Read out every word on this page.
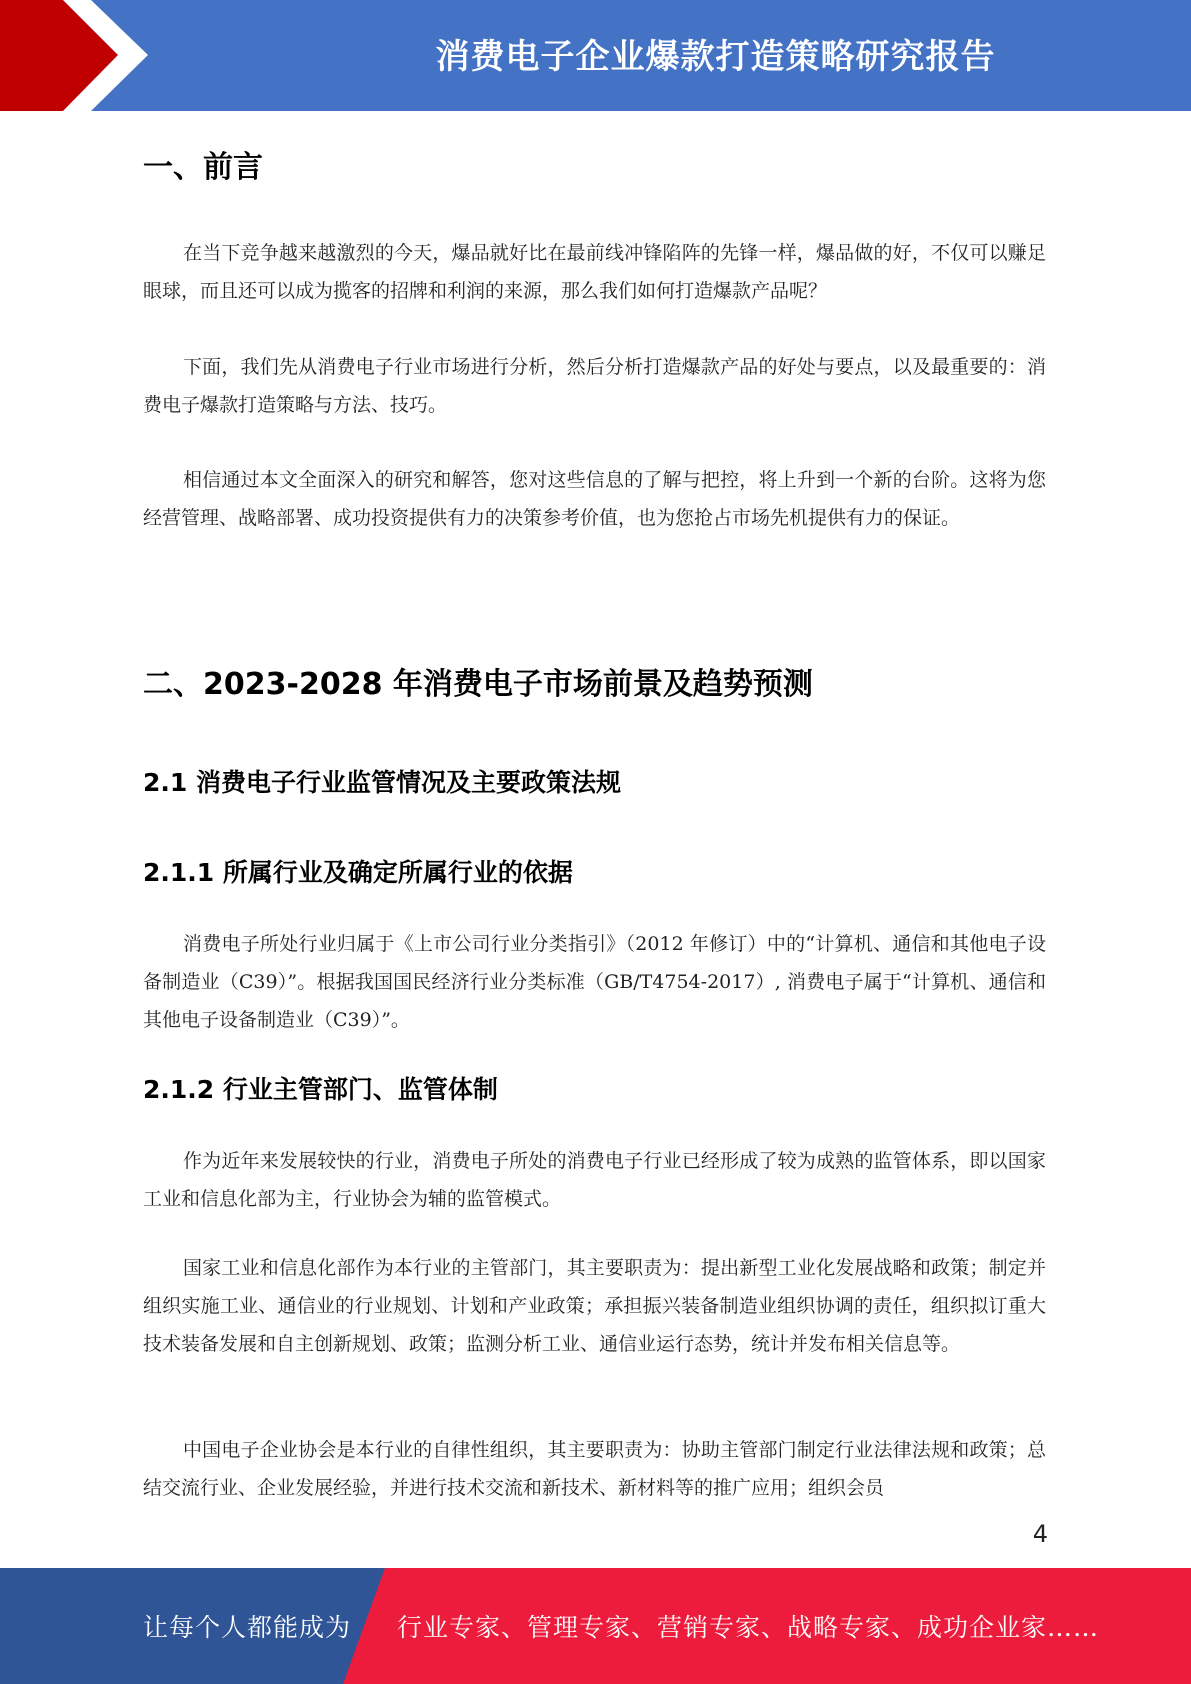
消费电子企业爆款打造策略研究报告
一、前言

在当下竞争越来越激烈的今天，爆品就好比在最前线冲锋陷阵的先锋一样，爆品做的好，不仅可以赚足眼球，而且还可以成为揽客的招牌和利润的来源，那么我们如何打造爆款产品呢？

下面，我们先从消费电子行业市场进行分析，然后分析打造爆款产品的好处与要点，以及最重要的：消费电子爆款打造策略与方法、技巧。

相信通过本文全面深入的研究和解答，您对这些信息的了解与把控，将上升到一个新的台阶。这将为您经营管理、战略部署、成功投资提供有力的决策参考价值，也为您抢占市场先机提供有力的保证。

二、2023-2028 年消费电子市场前景及趋势预测
2.1 消费电子行业监管情况及主要政策法规
2.1.1 所属行业及确定所属行业的依据

消费电子所处行业归属于《上市公司行业分类指引》（2012 年修订）中的“计算机、通信和其他电子设备制造业（C39）”。根据我国国民经济行业分类标准（GB/T4754-2017）, 消费电子属于“计算机、通信和其他电子设备制造业（C39）”。

2.1.2 行业主管部门、监管体制

作为近年来发展较快的行业，消费电子所处的消费电子行业已经形成了较为成熟的监管体系，即以国家工业和信息化部为主，行业协会为辅的监管模式。

国家工业和信息化部作为本行业的主管部门，其主要职责为：提出新型工业化发展战略和政策；制定并组织实施工业、通信业的行业规划、计划和产业政策；承担振兴装备制造业组织协调的责任，组织拟订重大技术装备发展和自主创新规划、政策；监测分析工业、通信业运行态势，统计并发布相关信息等。

中国电子企业协会是本行业的自律性组织，其主要职责为：协助主管部门制定行业法律法规和政策；总结交流行业、企业发展经验，并进行技术交流和新技术、新材料等的推广应用；组织会员

4
让每个人都能成为 行业专家、管理专家、营销专家、战略专家、成功企业家……
